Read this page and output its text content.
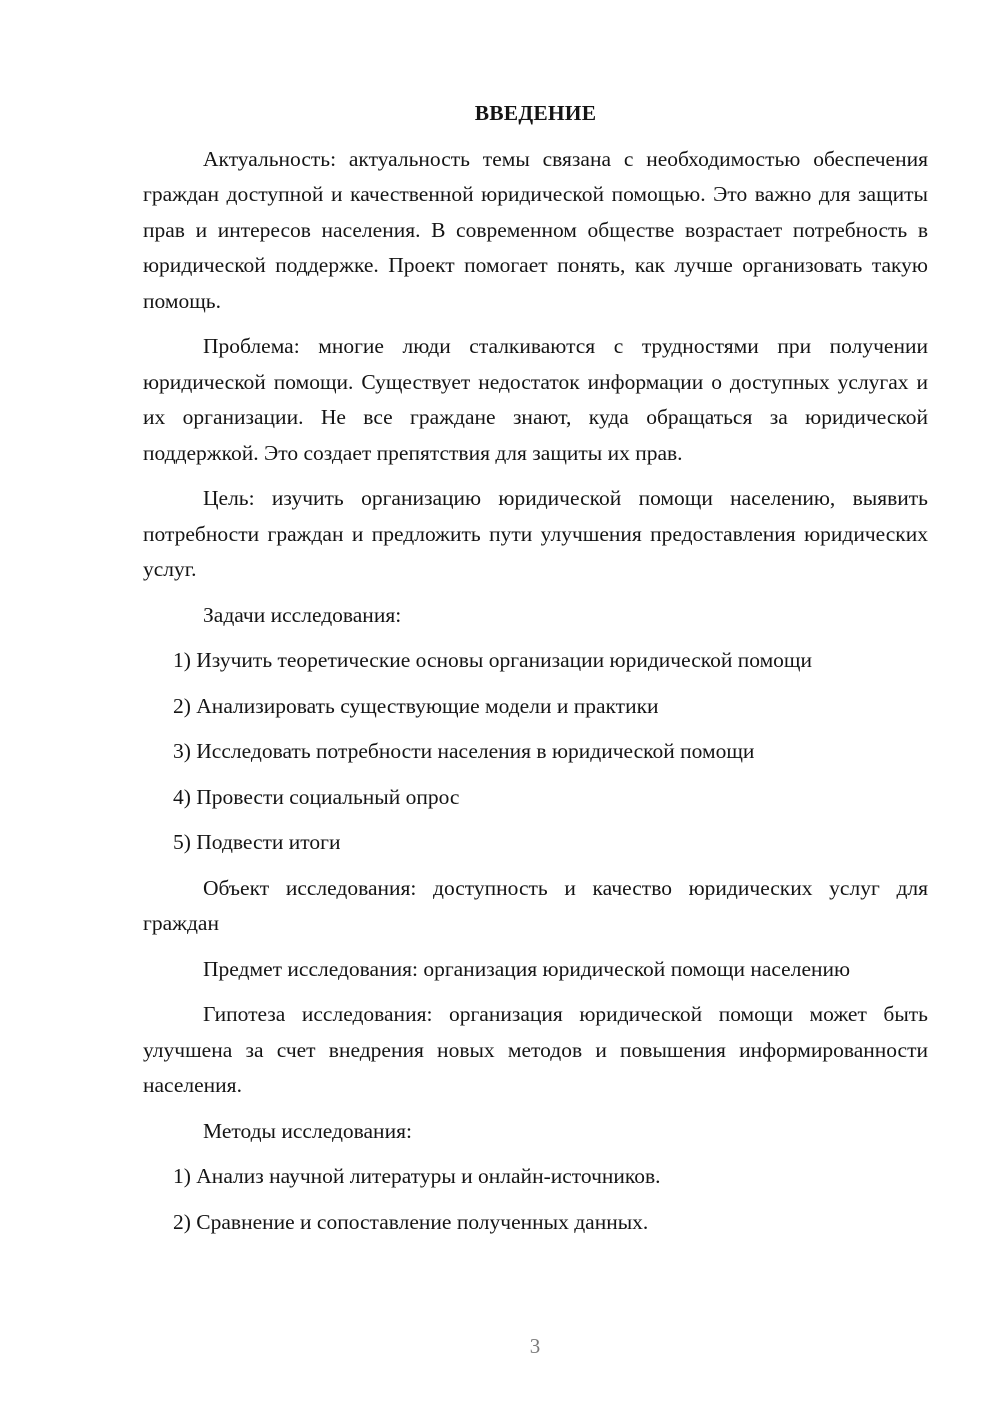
ВВЕДЕНИЕ

Актуальность: актуальность темы связана с необходимостью обеспечения граждан доступной и качественной юридической помощью. Это важно для защиты прав и интересов населения. В современном обществе возрастает потребность в юридической поддержке. Проект помогает понять, как лучше организовать такую помощь.

Проблема: многие люди сталкиваются с трудностями при получении юридической помощи. Существует недостаток информации о доступных услугах и их организации. Не все граждане знают, куда обращаться за юридической поддержкой. Это создает препятствия для защиты их прав.

Цель: изучить организацию юридической помощи населению, выявить потребности граждан и предложить пути улучшения предоставления юридических услуг.

Задачи исследования:

1) Изучить теоретические основы организации юридической помощи
2) Анализировать существующие модели и практики
3) Исследовать потребности населения в юридической помощи
4) Провести социальный опрос
5) Подвести итоги

Объект исследования: доступность и качество юридических услуг для граждан

Предмет исследования: организация юридической помощи населению

Гипотеза исследования: организация юридической помощи может быть улучшена за счет внедрения новых методов и повышения информированности населения.

Методы исследования:

1) Анализ научной литературы и онлайн-источников.
2) Сравнение и сопоставление полученных данных.
3
